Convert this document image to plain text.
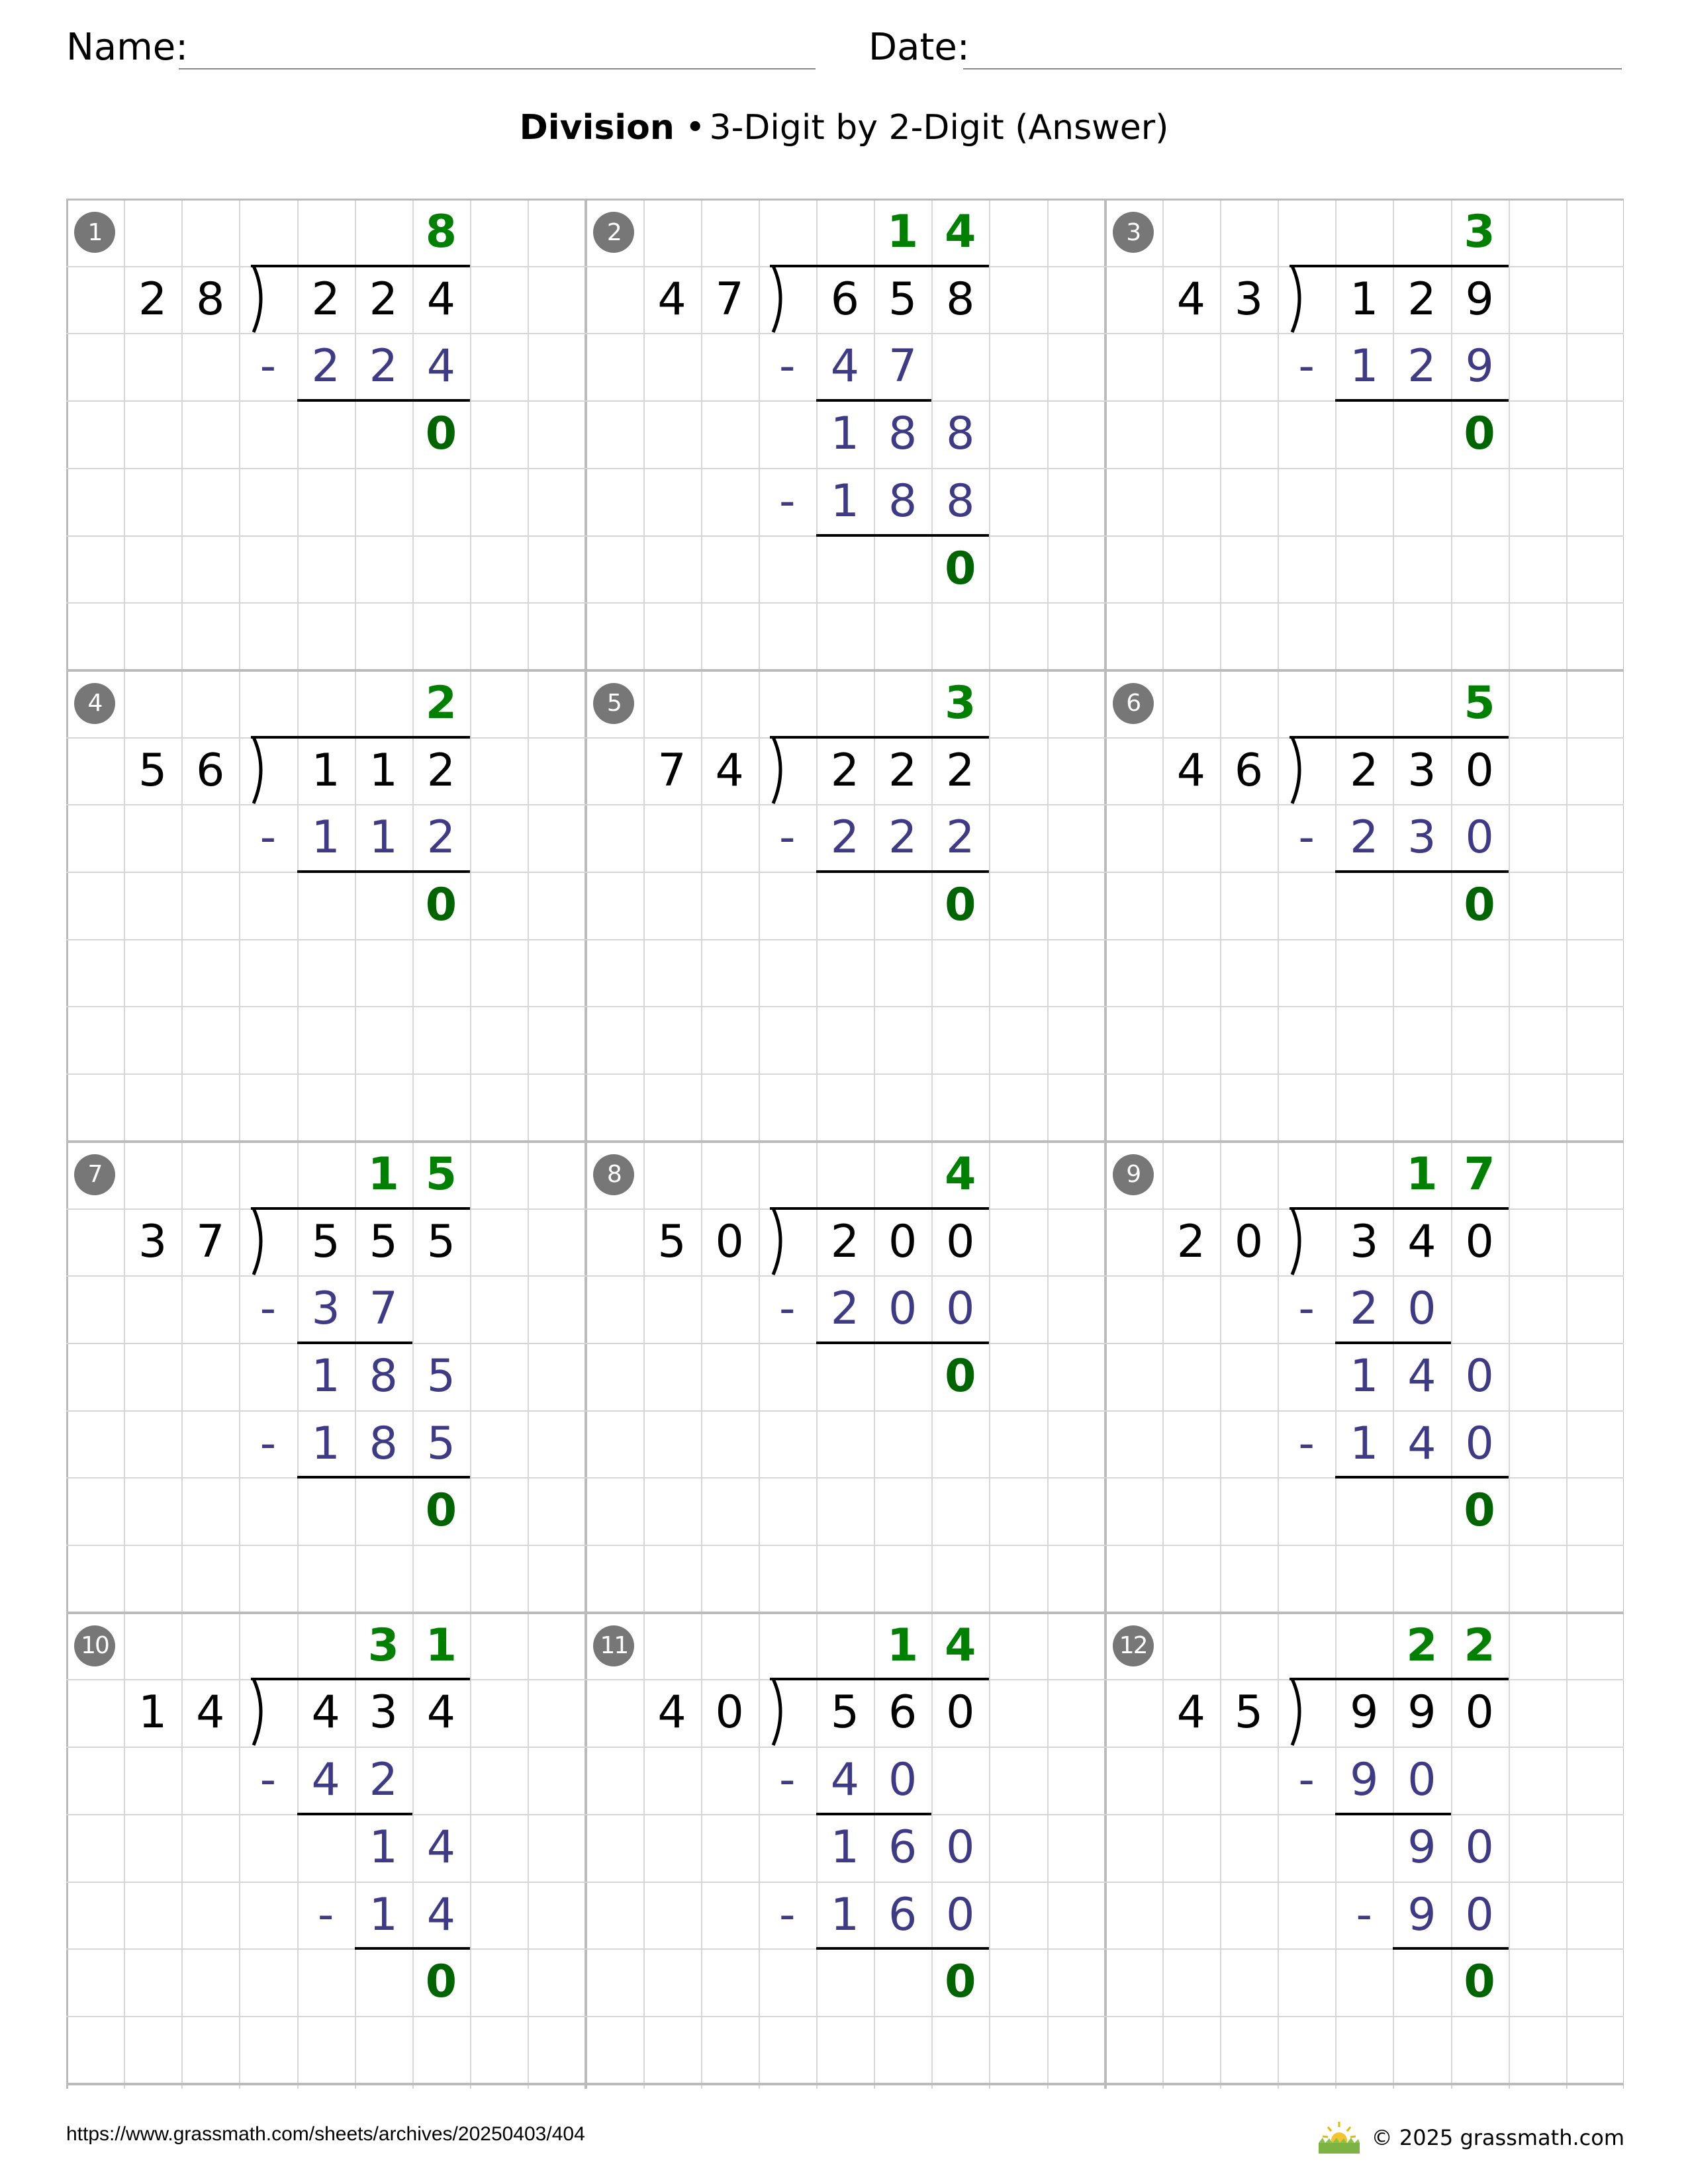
Name:	Date:
Division • 3-Digit by 2-Digit (Answer)
1	8
2 8	2 2 4
- 2 2 4
0
2	1 4
4 7	6 5 8
- 4 7
1 8 8
- 1 8 8
0
3	3
4 3	1 2 9
- 1 2 9
0
4	2
5 6	1 1 2
- 1 1 2
0
5	3
7 4	2 2 2
- 2 2 2
0
6	5
4 6	2 3 0
- 2 3 0
0
7	1 5
3 7	5 5 5
- 3 7
1 8 5
- 1 8 5
0
8	4
5 0	2 0 0
- 2 0 0
0
9	1 7
2 0	3 4 0
- 2 0
1 4 0
- 1 4 0
0
10	3 1
1 4	4 3 4
- 4 2
1 4
- 1 4
0
11	1 4
4 0	5 6 0
- 4 0
1 6 0
- 1 6 0
0
12	2 2
4 5	9 9 0
- 9 0
9 0
- 9 0
0
https://www.grassmath.com/sheets/archives/20250403/404	© 2025 grassmath.com
